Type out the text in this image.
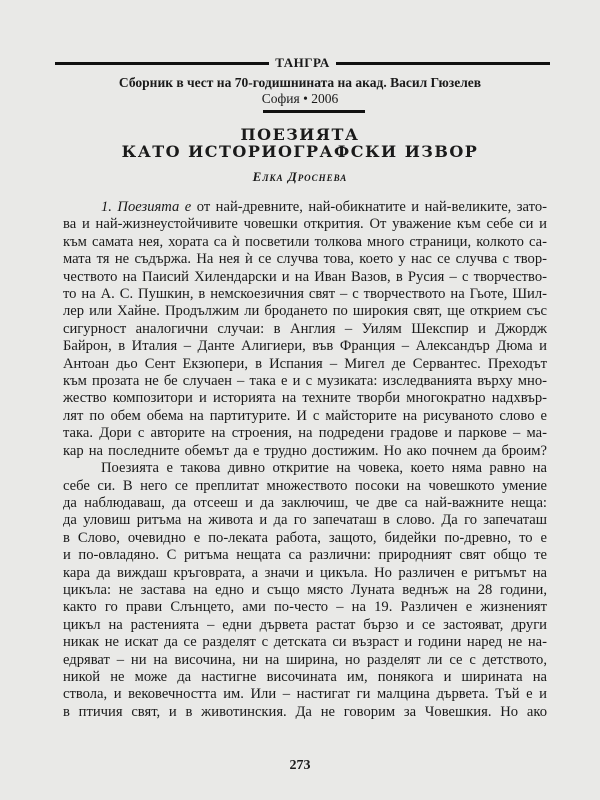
ТАНГРА
Сборник в чест на 70-годишнината на акад. Васил Гюзелев
София • 2006
ПОЕЗИЯТА
КАТО ИСТОРИОГРАФСКИ ИЗВОР
Елка Дроснева
1. Поезията е от най-древните, най-обикнатите и най-великите, зато-
ва и най-жизнеустойчивите човешки открития. От уважение към себе си и
към самата нея, хората са ѝ посветили толкова много страници, колкото са-
мата тя не съдържа. На нея ѝ се случва това, което у нас се случва с твор-
чеството на Паисий Хилендарски и на Иван Вазов, в Русия – с творчество-
то на А. С. Пушкин, в немскоезичния свят – с творчеството на Гьоте, Шил-
лер или Хайне. Продължим ли бродането по широкия свят, ще открием със
сигурност аналогични случаи: в Англия – Уилям Шекспир и Джордж
Байрон, в Италия – Данте Алигиери, във Франция – Александър Дюма и
Антоан дьо Сент Екзюпери, в Испания – Мигел де Сервантес. Преходът
към прозата не бе случаен – така е и с музиката: изследванията върху мно-
жество композитори и историята на техните творби многократно надхвър-
лят по обем обема на партитурите. И с майсторите на рисуваното слово е
така. Дори с авторите на строения, на подредени градове и паркове – ма-
кар на последните обемът да е трудно достижим. Но ако почнем да броим?
Поезията е такова дивно откритие на човека, което няма равно на
себе си. В него се преплитат множеството посоки на човешкото умение
да наблюдаваш, да отсееш и да заключиш, че две са най-важните неща:
да уловиш ритъма на живота и да го запечаташ в слово. Да го запечаташ
в Слово, очевидно е по-леката работа, защото, бидейки по-древно, то е
и по-овладяно. С ритъма нещата са различни: природният свят общо те
кара да виждаш кръговрата, а значи и цикъла. Но различен е ритъмът на
цикъла: не застава на едно и също място Луната веднъж на 28 години,
както го прави Слънцето, ами по-често – на 19. Различен е жизненият
цикъл на растенията – едни дървета растат бързо и се застояват, други
никак не искат да се разделят с детската си възраст и години наред не на-
едряват – ни на височина, ни на ширина, но разделят ли се с детството,
никой не може да настигне височината им, понякога и ширината на
ствола, и вековечността им. Или – настигат ги малцина дървета. Тъй е и
в птичия свят, и в животинския. Да не говорим за Човешкия. Но ако
273
